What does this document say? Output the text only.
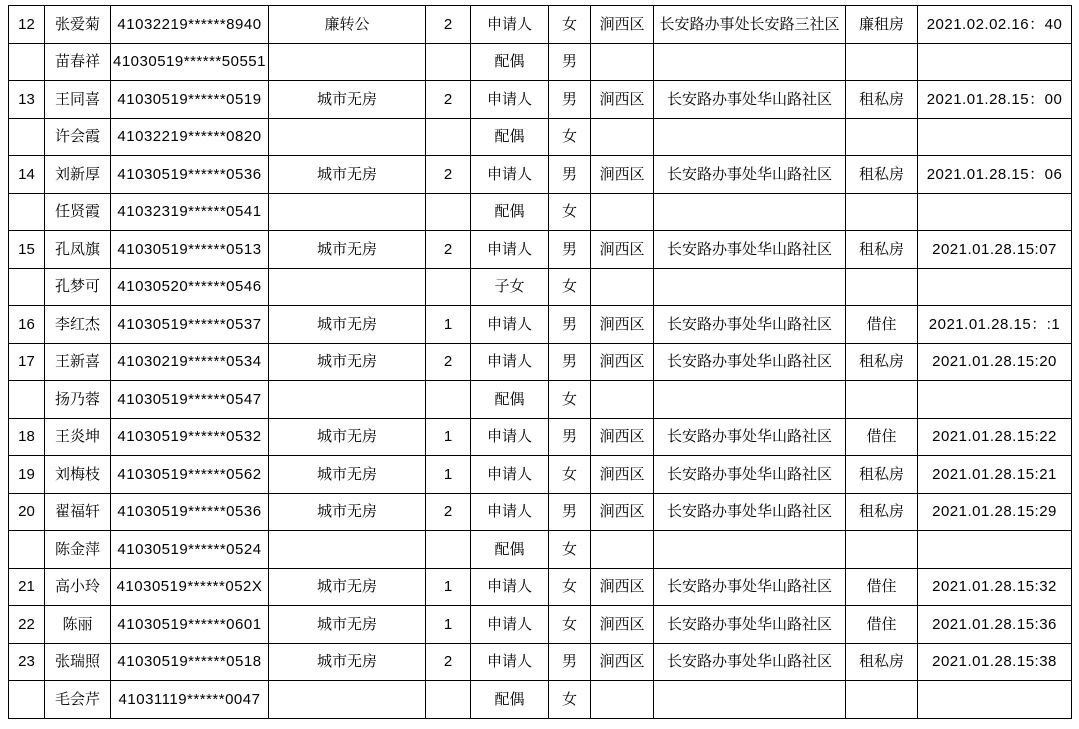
12	张爱菊	41032219******8940	廉转公	2	申请人	女	涧西区	长安路办事处长安路三社区	廉租房	2021.02.02.16：40
	苗春祥	41030519******50551			配偶	男				
13	王同喜	41030519******0519	城市无房	2	申请人	男	涧西区	长安路办事处华山路社区	租私房	2021.01.28.15：00
	许会霞	41032219******0820			配偶	女				
14	刘新厚	41030519******0536	城市无房	2	申请人	男	涧西区	长安路办事处华山路社区	租私房	2021.01.28.15：06
	任贤霞	41032319******0541			配偶	女				
15	孔凤旗	41030519******0513	城市无房	2	申请人	男	涧西区	长安路办事处华山路社区	租私房	2021.01.28.15:07
	孔梦可	41030520******0546			子女	女				
16	李红杰	41030519******0537	城市无房	1	申请人	男	涧西区	长安路办事处华山路社区	借住	2021.01.28.15：:1
17	王新喜	41030219******0534	城市无房	2	申请人	男	涧西区	长安路办事处华山路社区	租私房	2021.01.28.15:20
	扬乃蓉	41030519******0547			配偶	女				
18	王炎坤	41030519******0532	城市无房	1	申请人	男	涧西区	长安路办事处华山路社区	借住	2021.01.28.15:22
19	刘梅枝	41030519******0562	城市无房	1	申请人	女	涧西区	长安路办事处华山路社区	租私房	2021.01.28.15:21
20	翟福轩	41030519******0536	城市无房	2	申请人	男	涧西区	长安路办事处华山路社区	租私房	2021.01.28.15:29
	陈金萍	41030519******0524			配偶	女				
21	高小玲	41030519******052X	城市无房	1	申请人	女	涧西区	长安路办事处华山路社区	借住	2021.01.28.15:32
22	陈丽	41030519******0601	城市无房	1	申请人	女	涧西区	长安路办事处华山路社区	借住	2021.01.28.15:36
23	张瑞照	41030519******0518	城市无房	2	申请人	男	涧西区	长安路办事处华山路社区	租私房	2021.01.28.15:38
	毛会芹	41031119******0047			配偶	女				
